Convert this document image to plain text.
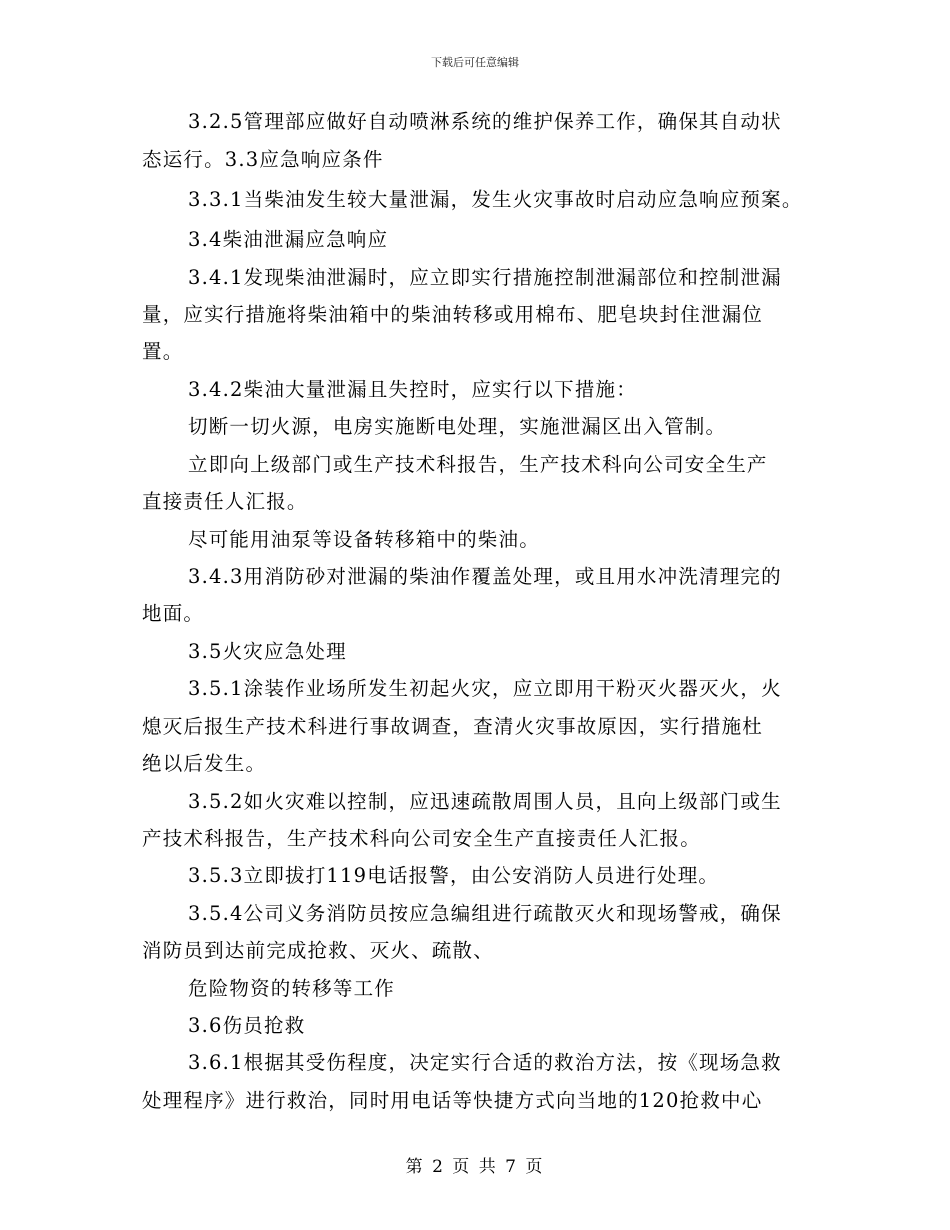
下载后可任意编辑
3.2.5管理部应做好自动喷淋系统的维护保养工作，确保其自动状
态运行。3.3应急响应条件
3.3.1当柴油发生较大量泄漏，发生火灾事故时启动应急响应预案。
3.4柴油泄漏应急响应
3.4.1发现柴油泄漏时，应立即实行措施控制泄漏部位和控制泄漏
量，应实行措施将柴油箱中的柴油转移或用棉布、肥皂块封住泄漏位
置。
3.4.2柴油大量泄漏且失控时，应实行以下措施：
切断一切火源，电房实施断电处理，实施泄漏区出入管制。
立即向上级部门或生产技术科报告，生产技术科向公司安全生产
直接责任人汇报。
尽可能用油泵等设备转移箱中的柴油。
3.4.3用消防砂对泄漏的柴油作覆盖处理，或且用水冲洗清理完的
地面。
3.5火灾应急处理
3.5.1涂装作业场所发生初起火灾，应立即用干粉灭火器灭火，火
熄灭后报生产技术科进行事故调查，查清火灾事故原因，实行措施杜
绝以后发生。
3.5.2如火灾难以控制，应迅速疏散周围人员，且向上级部门或生
产技术科报告，生产技术科向公司安全生产直接责任人汇报。
3.5.3立即拔打119电话报警，由公安消防人员进行处理。
3.5.4公司义务消防员按应急编组进行疏散灭火和现场警戒，确保
消防员到达前完成抢救、灭火、疏散、
危险物资的转移等工作
3.6伤员抢救
3.6.1根据其受伤程度，决定实行合适的救治方法，按《现场急救
处理程序》进行救治，同时用电话等快捷方式向当地的120抢救中心
第 2 页 共 7 页
